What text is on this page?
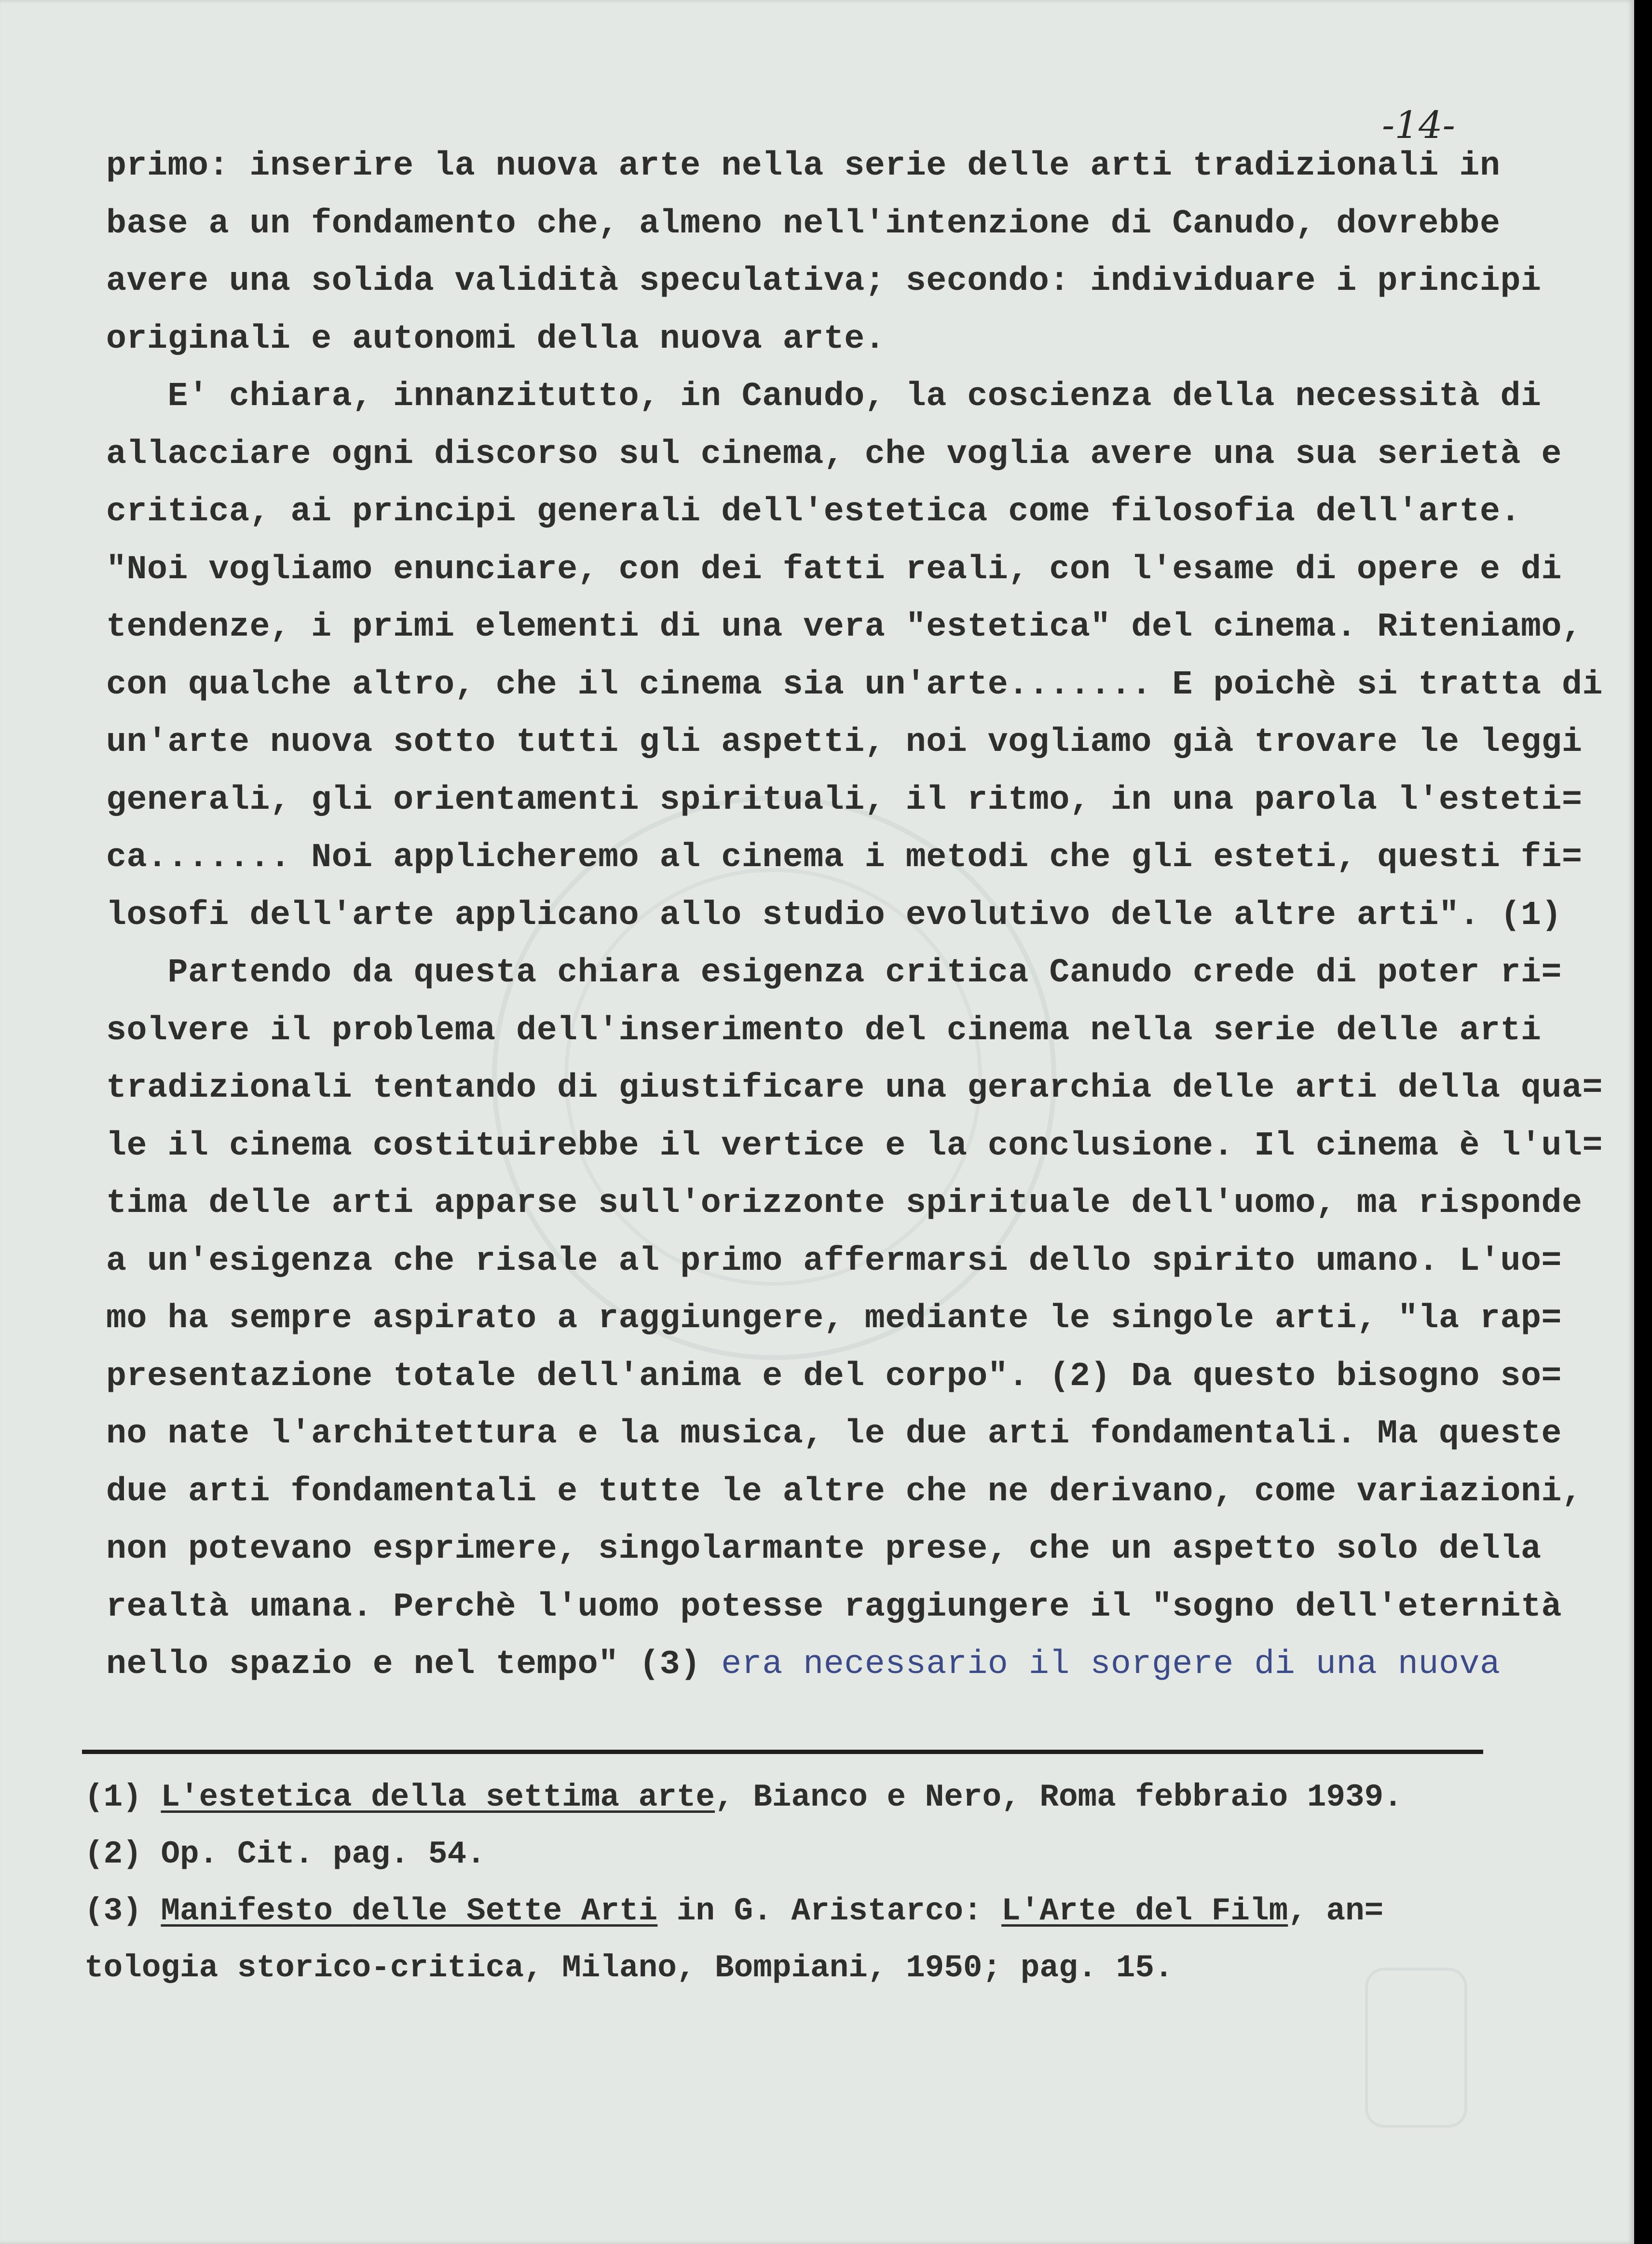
-14-
primo: inserire la nuova arte nella serie delle arti tradizionali in
base a un fondamento che, almeno nell'intenzione di Canudo, dovrebbe
avere una solida validità speculativa; secondo: individuare i principi
originali e autonomi della nuova arte.
E' chiara, innanzitutto, in Canudo, la coscienza della necessità di
allacciare ogni discorso sul cinema, che voglia avere una sua serietà e
critica, ai principi generali dell'estetica come filosofia dell'arte.
"Noi vogliamo enunciare, con dei fatti reali, con l'esame di opere e di
tendenze, i primi elementi di una vera "estetica" del cinema. Riteniamo,
con qualche altro, che il cinema sia un'arte....... E poichè si tratta di
un'arte nuova sotto tutti gli aspetti, noi vogliamo già trovare le leggi
generali, gli orientamenti spirituali, il ritmo, in una parola l'esteti=
ca....... Noi applicheremo al cinema i metodi che gli esteti, questi fi=
losofi dell'arte applicano allo studio evolutivo delle altre arti". (1)
Partendo da questa chiara esigenza critica Canudo crede di poter ri=
solvere il problema dell'inserimento del cinema nella serie delle arti
tradizionali tentando di giustificare una gerarchia delle arti della qua=
le il cinema costituirebbe il vertice e la conclusione. Il cinema è l'ul=
tima delle arti apparse sull'orizzonte spirituale dell'uomo, ma risponde
a un'esigenza che risale al primo affermarsi dello spirito umano. L'uo=
mo ha sempre aspirato a raggiungere, mediante le singole arti, "la rap=
presentazione totale dell'anima e del corpo". (2) Da questo bisogno so=
no nate l'architettura e la musica, le due arti fondamentali. Ma queste
due arti fondamentali e tutte le altre che ne derivano, come variazioni,
non potevano esprimere, singolarmante prese, che un aspetto solo della
realtà umana. Perchè l'uomo potesse raggiungere il "sogno dell'eternità
nello spazio e nel tempo" (3) era necessario il sorgere di una nuova
(1) L'estetica della settima arte, Bianco e Nero, Roma febbraio 1939.
(2) Op. Cit. pag. 54.
(3) Manifesto delle Sette Arti in G. Aristarco: L'Arte del Film, an=
tologia storico-critica, Milano, Bompiani, 1950; pag. 15.
